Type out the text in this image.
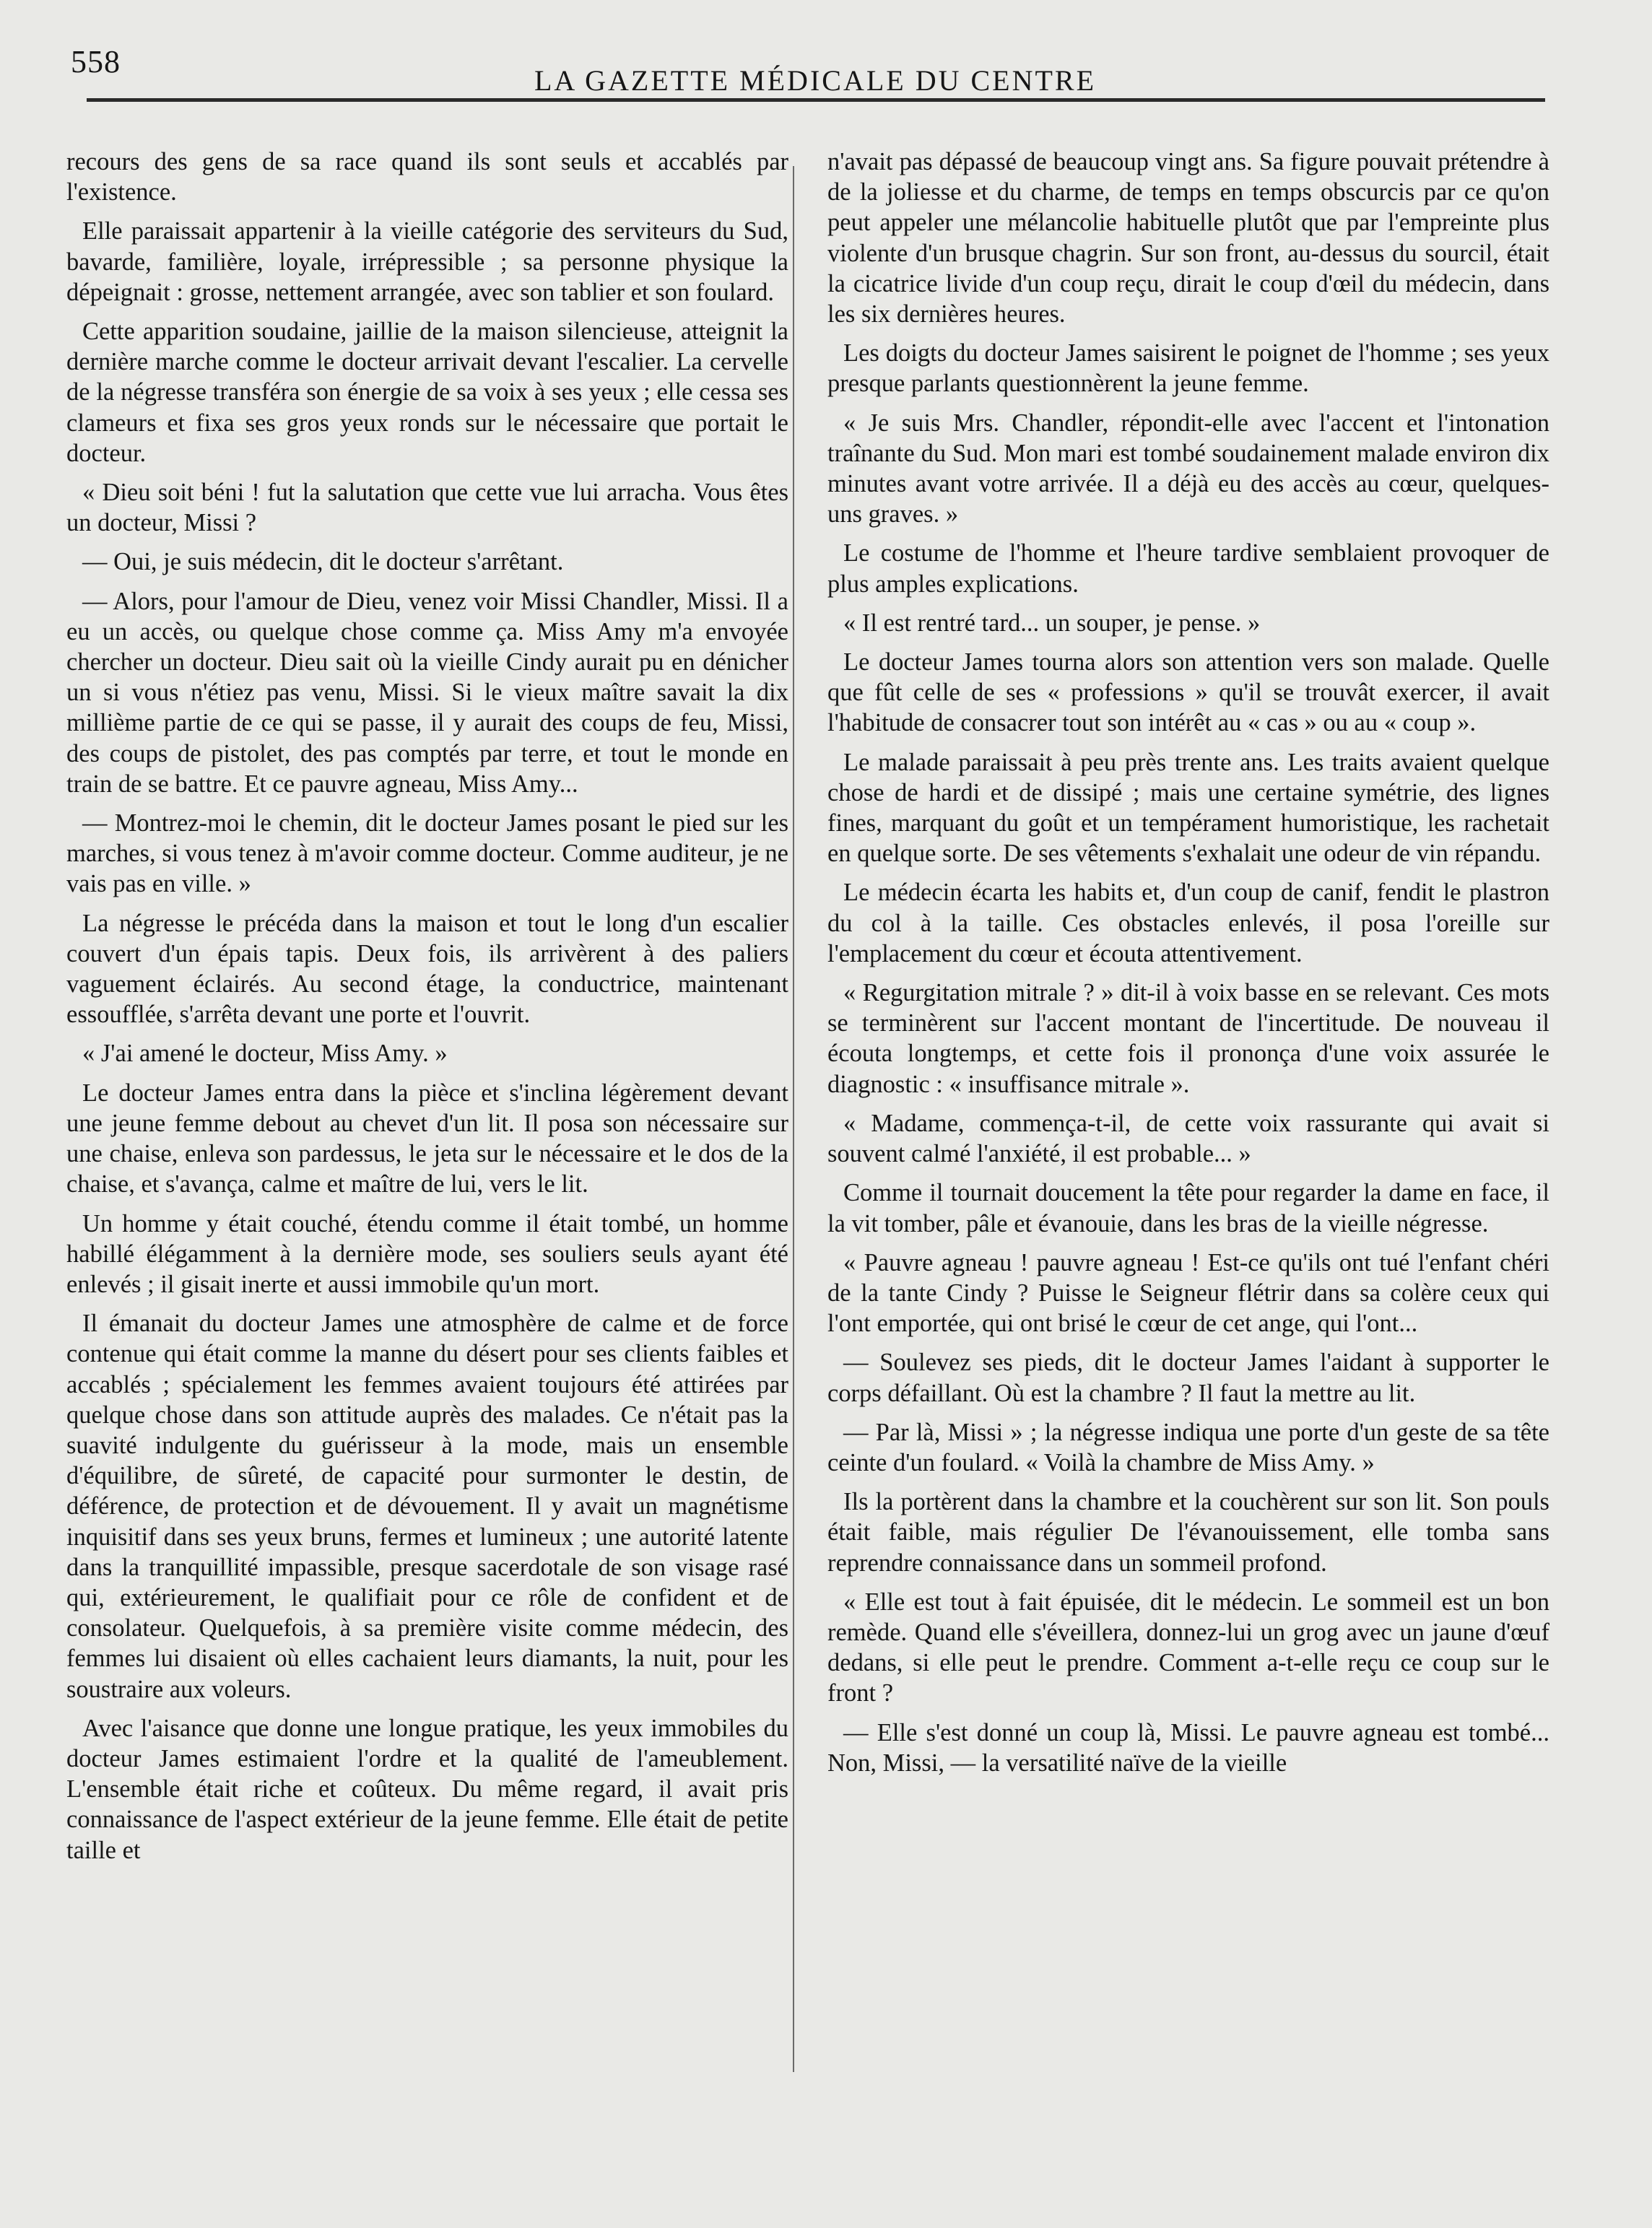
558
LA GAZETTE MÉDICALE DU CENTRE

recours des gens de sa race quand ils sont seuls et accablés par l'existence.

Elle paraissait appartenir à la vieille catégorie des serviteurs du Sud, bavarde, familière, loyale, irrépressible ; sa personne physique la dépeignait : grosse, nettement arrangée, avec son tablier et son foulard.

Cette apparition soudaine, jaillie de la maison silencieuse, atteignit la dernière marche comme le docteur arrivait devant l'escalier. La cervelle de la négresse transféra son énergie de sa voix à ses yeux ; elle cessa ses clameurs et fixa ses gros yeux ronds sur le nécessaire que portait le docteur.

« Dieu soit béni ! fut la salutation que cette vue lui arracha. Vous êtes un docteur, Missi ?

— Oui, je suis médecin, dit le docteur s'arrêtant.

— Alors, pour l'amour de Dieu, venez voir Missi Chandler, Missi. Il a eu un accès, ou quelque chose comme ça. Miss Amy m'a envoyée chercher un docteur. Dieu sait où la vieille Cindy aurait pu en dénicher un si vous n'étiez pas venu, Missi. Si le vieux maître savait la dix millième partie de ce qui se passe, il y aurait des coups de feu, Missi, des coups de pistolet, des pas comptés par terre, et tout le monde en train de se battre. Et ce pauvre agneau, Miss Amy...

— Montrez-moi le chemin, dit le docteur James posant le pied sur les marches, si vous tenez à m'avoir comme docteur. Comme auditeur, je ne vais pas en ville. »

La négresse le précéda dans la maison et tout le long d'un escalier couvert d'un épais tapis. Deux fois, ils arrivèrent à des paliers vaguement éclairés. Au second étage, la conductrice, maintenant essoufflée, s'arrêta devant une porte et l'ouvrit.

« J'ai amené le docteur, Miss Amy. »

Le docteur James entra dans la pièce et s'inclina légèrement devant une jeune femme debout au chevet d'un lit. Il posa son nécessaire sur une chaise, enleva son pardessus, le jeta sur le nécessaire et le dos de la chaise, et s'avança, calme et maître de lui, vers le lit.

Un homme y était couché, étendu comme il était tombé, un homme habillé élégamment à la dernière mode, ses souliers seuls ayant été enlevés ; il gisait inerte et aussi immobile qu'un mort.

Il émanait du docteur James une atmosphère de calme et de force contenue qui était comme la manne du désert pour ses clients faibles et accablés ; spécialement les femmes avaient toujours été attirées par quelque chose dans son attitude auprès des malades. Ce n'était pas la suavité indulgente du guérisseur à la mode, mais un ensemble d'équilibre, de sûreté, de capacité pour surmonter le destin, de déférence, de protection et de dévouement. Il y avait un magnétisme inquisitif dans ses yeux bruns, fermes et lumineux ; une autorité latente dans la tranquillité impassible, presque sacerdotale de son visage rasé qui, extérieurement, le qualifiait pour ce rôle de confident et de consolateur. Quelquefois, à sa première visite comme médecin, des femmes lui disaient où elles cachaient leurs diamants, la nuit, pour les soustraire aux voleurs.

Avec l'aisance que donne une longue pratique, les yeux immobiles du docteur James estimaient l'ordre et la qualité de l'ameublement. L'ensemble était riche et coûteux. Du même regard, il avait pris connaissance de l'aspect extérieur de la jeune femme. Elle était de petite taille et

n'avait pas dépassé de beaucoup vingt ans. Sa figure pouvait prétendre à de la joliesse et du charme, de temps en temps obscurcis par ce qu'on peut appeler une mélancolie habituelle plutôt que par l'empreinte plus violente d'un brusque chagrin. Sur son front, au-dessus du sourcil, était la cicatrice livide d'un coup reçu, dirait le coup d'œil du médecin, dans les six dernières heures.

Les doigts du docteur James saisirent le poignet de l'homme ; ses yeux presque parlants questionnèrent la jeune femme.

« Je suis Mrs. Chandler, répondit-elle avec l'accent et l'intonation traînante du Sud. Mon mari est tombé soudainement malade environ dix minutes avant votre arrivée. Il a déjà eu des accès au cœur, quelques-uns graves. »

Le costume de l'homme et l'heure tardive semblaient provoquer de plus amples explications.

« Il est rentré tard... un souper, je pense. »

Le docteur James tourna alors son attention vers son malade. Quelle que fût celle de ses « professions » qu'il se trouvât exercer, il avait l'habitude de consacrer tout son intérêt au « cas » ou au « coup ».

Le malade paraissait à peu près trente ans. Les traits avaient quelque chose de hardi et de dissipé ; mais une certaine symétrie, des lignes fines, marquant du goût et un tempérament humoristique, les rachetait en quelque sorte. De ses vêtements s'exhalait une odeur de vin répandu.

Le médecin écarta les habits et, d'un coup de canif, fendit le plastron du col à la taille. Ces obstacles enlevés, il posa l'oreille sur l'emplacement du cœur et écouta attentivement.

« Regurgitation mitrale ? » dit-il à voix basse en se relevant. Ces mots se terminèrent sur l'accent montant de l'incertitude. De nouveau il écouta longtemps, et cette fois il prononça d'une voix assurée le diagnostic : « insuffisance mitrale ».

« Madame, commença-t-il, de cette voix rassurante qui avait si souvent calmé l'anxiété, il est probable... »

Comme il tournait doucement la tête pour regarder la dame en face, il la vit tomber, pâle et évanouie, dans les bras de la vieille négresse.

« Pauvre agneau ! pauvre agneau ! Est-ce qu'ils ont tué l'enfant chéri de la tante Cindy ? Puisse le Seigneur flétrir dans sa colère ceux qui l'ont emportée, qui ont brisé le cœur de cet ange, qui l'ont...

— Soulevez ses pieds, dit le docteur James l'aidant à supporter le corps défaillant. Où est la chambre ? Il faut la mettre au lit.

— Par là, Missi » ; la négresse indiqua une porte d'un geste de sa tête ceinte d'un foulard. « Voilà la chambre de Miss Amy. »

Ils la portèrent dans la chambre et la couchèrent sur son lit. Son pouls était faible, mais régulier De l'évanouissement, elle tomba sans reprendre connaissance dans un sommeil profond.

« Elle est tout à fait épuisée, dit le médecin. Le sommeil est un bon remède. Quand elle s'éveillera, donnez-lui un grog avec un jaune d'œuf dedans, si elle peut le prendre. Comment a-t-elle reçu ce coup sur le front ?

— Elle s'est donné un coup là, Missi. Le pauvre agneau est tombé... Non, Missi, — la versatilité naïve de la vieille
